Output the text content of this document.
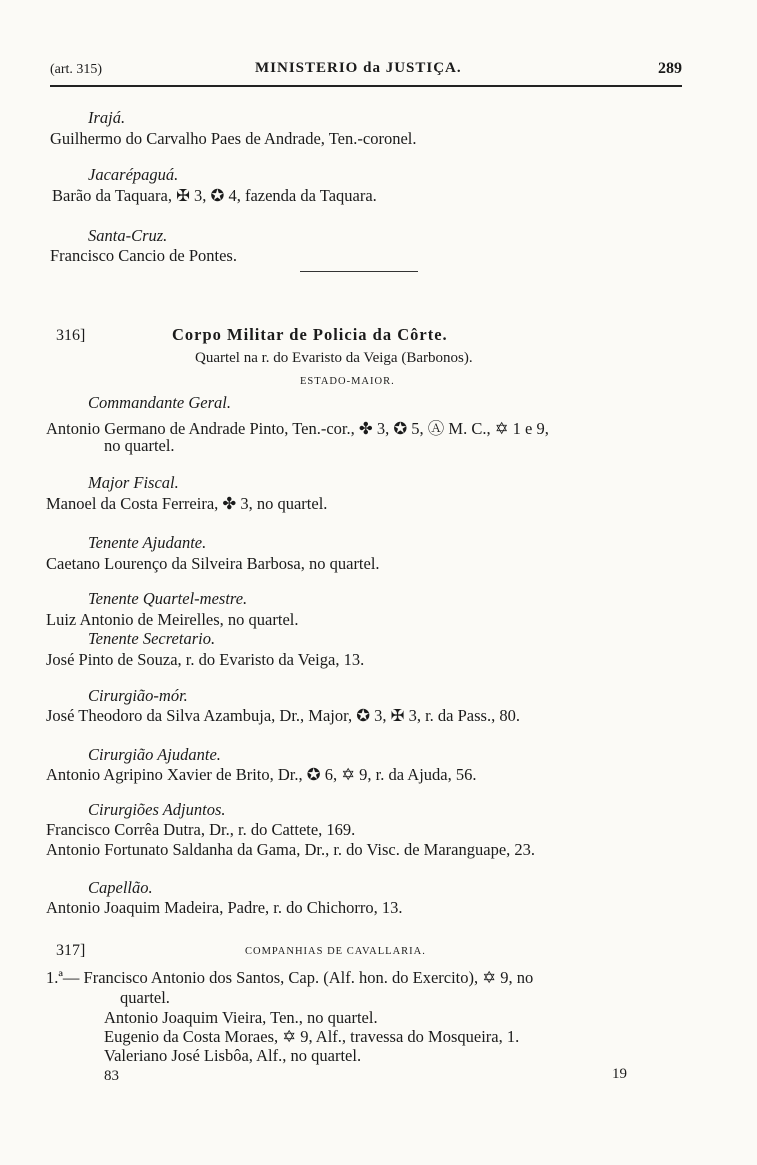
(art. 315)	MINISTERIO da JUSTIÇA.	289
Irajá.
Guilhermo do Carvalho Paes de Andrade, Ten.-coronel.
Jacarépaguá.
Barão da Taquara, ✠ 3, ✪ 4, fazenda da Taquara.
Santa-Cruz.
Francisco Cancio de Pontes.
316]	Corpo Militar de Policia da Côrte.
Quartel na r. do Evaristo da Veiga (Barbonos).
ESTADO-MAIOR.
Commandante Geral.
Antonio Germano de Andrade Pinto, Ten.-cor., ✤ 3, ✪ 5, Ⓐ M. C., ✡ 1 e 9,
no quartel.
Major Fiscal.
Manoel da Costa Ferreira, ✤ 3, no quartel.
Tenente Ajudante.
Caetano Lourenço da Silveira Barbosa, no quartel.
Tenente Quartel-mestre.
Luiz Antonio de Meirelles, no quartel.
Tenente Secretario.
José Pinto de Souza, r. do Evaristo da Veiga, 13.
Cirurgião-mór.
José Theodoro da Silva Azambuja, Dr., Major, ✪ 3, ✠ 3, r. da Pass., 80.
Cirurgião Ajudante.
Antonio Agripino Xavier de Brito, Dr., ✪ 6, ✡ 9, r. da Ajuda, 56.
Cirurgiões Adjuntos.
Francisco Corrêa Dutra, Dr., r. do Cattete, 169.
Antonio Fortunato Saldanha da Gama, Dr., r. do Visc. de Maranguape, 23.
Capellão.
Antonio Joaquim Madeira, Padre, r. do Chichorro, 13.
317]	COMPANHIAS DE CAVALLARIA.
1.ª— Francisco Antonio dos Santos, Cap. (Alf. hon. do Exercito), ✡ 9, no
quartel.
Antonio Joaquim Vieira, Ten., no quartel.
Eugenio da Costa Moraes, ✡ 9, Alf., travessa do Mosqueira, 1.
Valeriano José Lisbôa, Alf., no quartel.
83	19
